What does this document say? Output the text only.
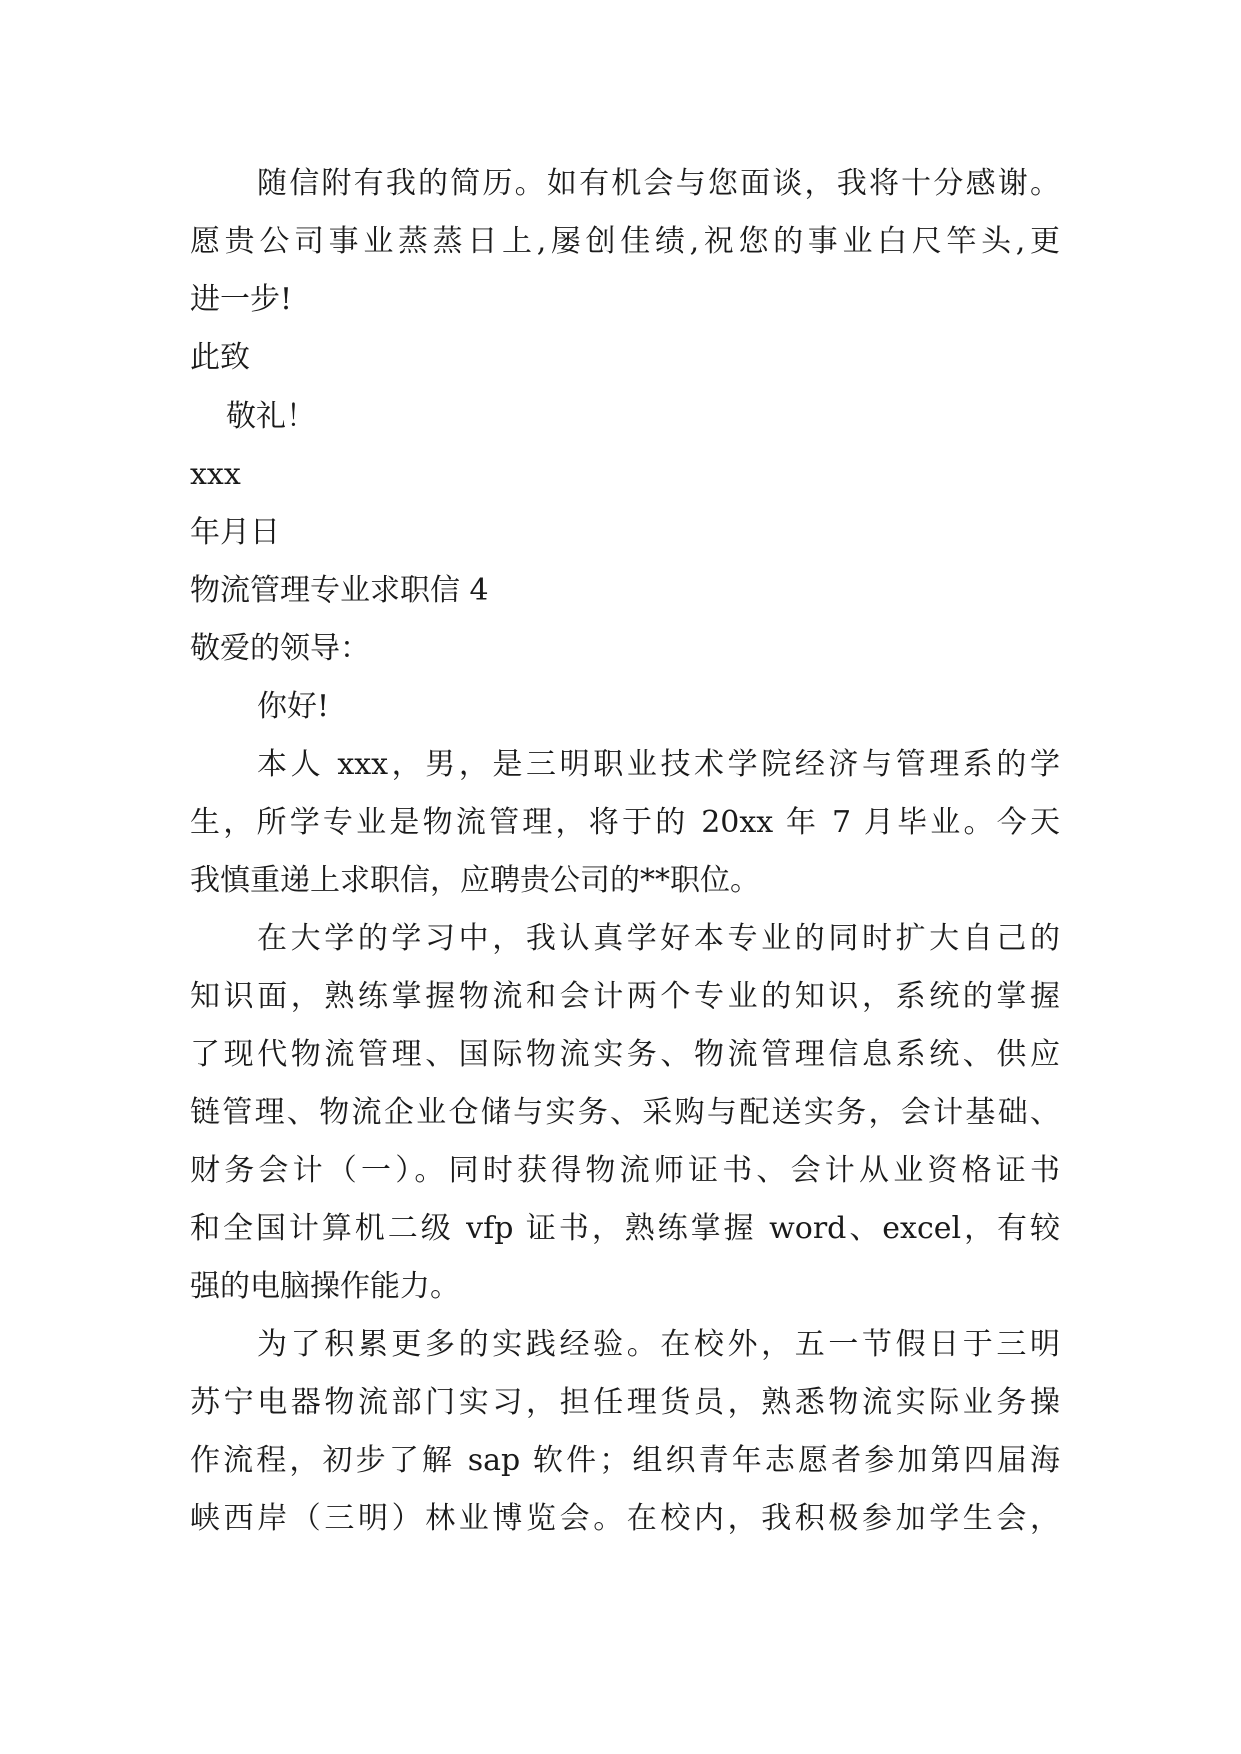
随信附有我的简历。如有机会与您面谈，我将十分感谢。
愿贵公司事业蒸蒸日上,屡创佳绩,祝您的事业白尺竿头,更
进一步!
此致
敬礼！
xxx
年月日
物流管理专业求职信 4
敬爱的领导：
你好!
本人 xxx，男，是三明职业技术学院经济与管理系的学
生，所学专业是物流管理，将于的 20xx 年 7 月毕业。今天
我慎重递上求职信，应聘贵公司的**职位。
在大学的学习中，我认真学好本专业的同时扩大自己的
知识面，熟练掌握物流和会计两个专业的知识，系统的掌握
了现代物流管理、国际物流实务、物流管理信息系统、供应
链管理、物流企业仓储与实务、采购与配送实务，会计基础、
财务会计（一）。同时获得物流师证书、会计从业资格证书
和全国计算机二级 vfp 证书，熟练掌握 word、excel，有较
强的电脑操作能力。
为了积累更多的实践经验。在校外，五一节假日于三明
苏宁电器物流部门实习，担任理货员，熟悉物流实际业务操
作流程，初步了解 sap 软件；组织青年志愿者参加第四届海
峡西岸（三明）林业博览会。在校内，我积极参加学生会，
